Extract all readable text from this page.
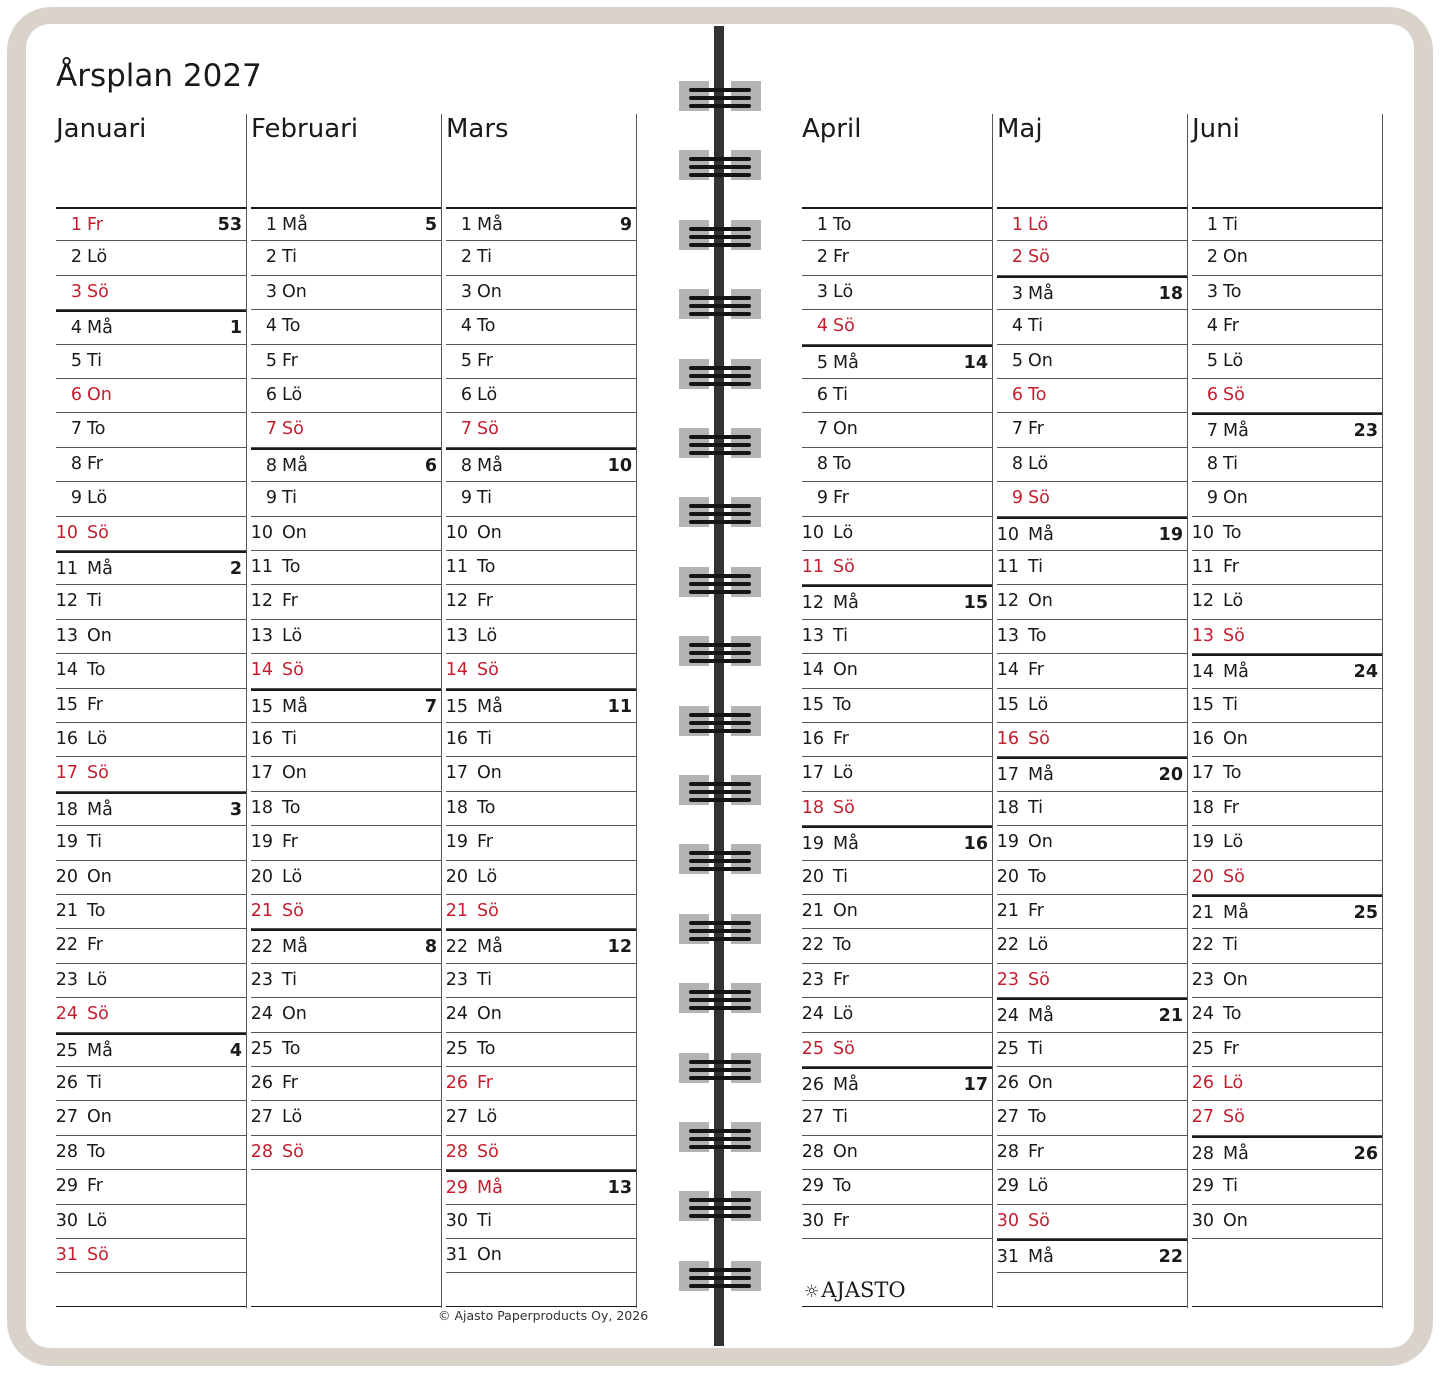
Årsplan 2027
Januari
1 Fr	53
2 Lö
3 Sö
4 Må	1
5 Ti
6 On
7 To
8 Fr
9 Lö
10 Sö
11 Må	2
12 Ti
13 On
14 To
15 Fr
16 Lö
17 Sö
18 Må	3
19 Ti
20 On
21 To
22 Fr
23 Lö
24 Sö
25 Må	4
26 Ti
27 On
28 To
29 Fr
30 Lö
31 Sö
Februari
1 Må	5
2 Ti
3 On
4 To
5 Fr
6 Lö
7 Sö
8 Må	6
9 Ti
10 On
11 To
12 Fr
13 Lö
14 Sö
15 Må	7
16 Ti
17 On
18 To
19 Fr
20 Lö
21 Sö
22 Må	8
23 Ti
24 On
25 To
26 Fr
27 Lö
28 Sö
Mars
1 Må	9
2 Ti
3 On
4 To
5 Fr
6 Lö
7 Sö
8 Må	10
9 Ti
10 On
11 To
12 Fr
13 Lö
14 Sö
15 Må	11
16 Ti
17 On
18 To
19 Fr
20 Lö
21 Sö
22 Må	12
23 Ti
24 On
25 To
26 Fr
27 Lö
28 Sö
29 Må	13
30 Ti
31 On
April
1 To
2 Fr
3 Lö
4 Sö
5 Må	14
6 Ti
7 On
8 To
9 Fr
10 Lö
11 Sö
12 Må	15
13 Ti
14 On
15 To
16 Fr
17 Lö
18 Sö
19 Må	16
20 Ti
21 On
22 To
23 Fr
24 Lö
25 Sö
26 Må	17
27 Ti
28 On
29 To
30 Fr
Maj
1 Lö
2 Sö
3 Må	18
4 Ti
5 On
6 To
7 Fr
8 Lö
9 Sö
10 Må	19
11 Ti
12 On
13 To
14 Fr
15 Lö
16 Sö
17 Må	20
18 Ti
19 On
20 To
21 Fr
22 Lö
23 Sö
24 Må	21
25 Ti
26 On
27 To
28 Fr
29 Lö
30 Sö
31 Må	22
Juni
1 Ti
2 On
3 To
4 Fr
5 Lö
6 Sö
7 Må	23
8 Ti
9 On
10 To
11 Fr
12 Lö
13 Sö
14 Må	24
15 Ti
16 On
17 To
18 Fr
19 Lö
20 Sö
21 Må	25
22 Ti
23 On
24 To
25 Fr
26 Lö
27 Sö
28 Må	26
29 Ti
30 On
© Ajasto Paperproducts Oy, 2026
☼AJASTO
